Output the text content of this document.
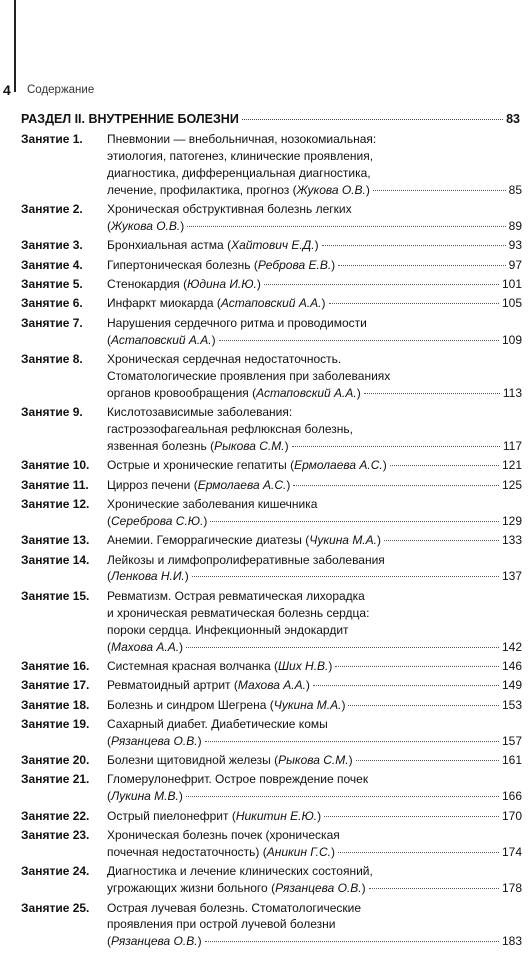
4 Содержание
РАЗДЕЛ II. ВНУТРЕННИЕ БОЛЕЗНИ	83
Занятие 1.	Пневмонии — внебольничная, нозокомиальная:
этиология, патогенез, клинические проявления,
диагностика, дифференциальная диагностика,
лечение, профилактика, прогноз (Жукова О.В.)	85
Занятие 2.	Хроническая обструктивная болезнь легких
(Жукова О.В.)	89
Занятие 3.	Бронхиальная астма (Хайтович Е.Д.)	93
Занятие 4.	Гипертоническая болезнь (Реброва Е.В.)	97
Занятие 5.	Стенокардия (Юдина И.Ю.)	101
Занятие 6.	Инфаркт миокарда (Астаповский А.А.)	105
Занятие 7.	Нарушения сердечного ритма и проводимости
(Астаповский А.А.)	109
Занятие 8.	Хроническая сердечная недостаточность.
Стоматологические проявления при заболеваниях
органов кровообращения (Астаповский А.А.)	113
Занятие 9.	Кислотозависимые заболевания:
гастроэзофагеальная рефлюксная болезнь,
язвенная болезнь (Рыкова С.М.)	117
Занятие 10.	Острые и хронические гепатиты (Ермолаева А.С.)	121
Занятие 11.	Цирроз печени (Ермолаева А.С.)	125
Занятие 12.	Хронические заболевания кишечника
(Сереброва С.Ю.)	129
Занятие 13.	Анемии. Геморрагические диатезы (Чукина М.А.)	133
Занятие 14.	Лейкозы и лимфопролиферативные заболевания
(Ленкова Н.И.)	137
Занятие 15.	Ревматизм. Острая ревматическая лихорадка
и хроническая ревматическая болезнь сердца:
пороки сердца. Инфекционный эндокардит
(Махова А.А.)	142
Занятие 16.	Системная красная волчанка (Ших Н.В.)	146
Занятие 17.	Ревматоидный артрит (Махова А.А.)	149
Занятие 18.	Болезнь и синдром Шегрена (Чукина М.А.)	153
Занятие 19.	Сахарный диабет. Диабетические комы
(Рязанцева О.В.)	157
Занятие 20.	Болезни щитовидной железы (Рыкова С.М.)	161
Занятие 21.	Гломерулонефрит. Острое повреждение почек
(Лукина М.В.)	166
Занятие 22.	Острый пиелонефрит (Никитин Е.Ю.)	170
Занятие 23.	Хроническая болезнь почек (хроническая
почечная недостаточность) (Аникин Г.С.)	174
Занятие 24.	Диагностика и лечение клинических состояний,
угрожающих жизни больного (Рязанцева О.В.)	178
Занятие 25.	Острая лучевая болезнь. Стоматологические
проявления при острой лучевой болезни
(Рязанцева О.В.)	183
